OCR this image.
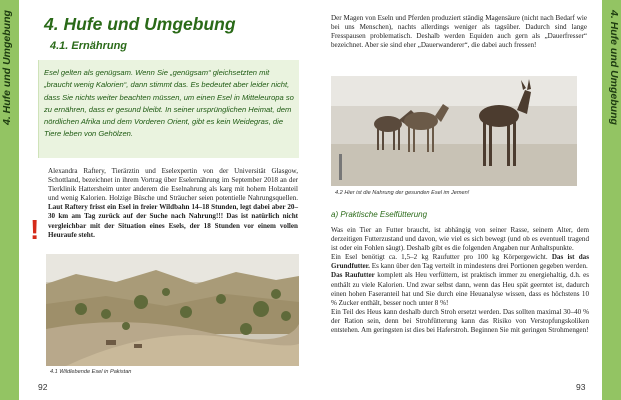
4. Hufe und Umgebung	4. Hufe und Umgebung
4. Hufe und Umgebung
4.1. Ernährung
Esel gelten als genügsam. Wenn Sie „genügsam“ gleichsetzten mit „braucht wenig Kalorien“, dann stimmt das. Es bedeutet aber leider nicht, dass Sie nichts weiter beachten müssen, um einen Esel in Mitteleuropa so zu ernähren, dass er gesund bleibt. In seiner ursprünglichen Heimat, dem nördlichen Afrika und dem Vorderen Orient, gibt es kein Weidegras, die Tiere leben von Gehölzen.
!
Alexandra Raftery, Tierärztin und Eselexpertin von der Universität Glasgow, Schottland, bezeichnet in ihrem Vortrag über Eselernährung im September 2018 an der Tierklinik Hattersheim unter anderem die Eselnahrung als karg mit hohem Holzanteil und wenig Kalorien. Holzige Büsche und Sträucher seien potentielle Nahrungsquellen. Laut Raftery frisst ein Esel in freier Wildbahn 14–18 Stunden, legt dabei aber 20–30 km am Tag zurück auf der Suche nach Nahrung!!! Das ist natürlich nicht vergleichbar mit der Situation eines Esels, der 18 Stunden vor einem vollen Heuraufe steht.
4.1 Wildlebende Esel in Pakistan
92
Der Magen von Eseln und Pferden produziert ständig Magensäure (nicht nach Bedarf wie bei uns Menschen), nachts allerdings weniger als tagsüber. Dadurch sind lange Fresspausen problematisch. Deshalb werden Equiden auch gern als „Dauerfresser“ bezeichnet. Aber sie sind eher „Dauerwanderer“, die dabei auch fressen!
4.2 Hier ist die Nahrung der gesunden Esel im Jemen!
a) Praktische Eselfütterung

Was ein Tier an Futter braucht, ist abhängig von seiner Rasse, seinem Alter, dem derzeitigen Futterzustand und davon, wie viel es sich bewegt (und ob es eventuell tragend ist oder ein Fohlen säugt). Deshalb gibt es die folgenden Angaben nur Anhaltspunkte.

Ein Esel benötigt ca. 1,5–2 kg Raufutter pro 100 kg Körpergewicht. Das ist das Grundfutter. Es kann über den Tag verteilt in mindestens drei Portionen gegeben werden.

Das Raufutter komplett als Heu verfüttern, ist praktisch immer zu energiehaltig, d.h. es enthält zu viele Kalorien. Und zwar selbst dann, wenn das Heu spät geerntet ist, dadurch einen hohen Faseranteil hat und Sie durch eine Heuanalyse wissen, dass es höchstens 10 % Zucker enthält, besser noch unter 8 %!

Ein Teil des Heus kann deshalb durch Stroh ersetzt werden. Das sollten maximal 30–40 % der Ration sein, denn bei Strohfütterung kann das Risiko von Verstopfungskoliken entstehen. Am geringsten ist dies bei Haferstroh. Beginnen Sie mit geringen Strohmengen!

93
